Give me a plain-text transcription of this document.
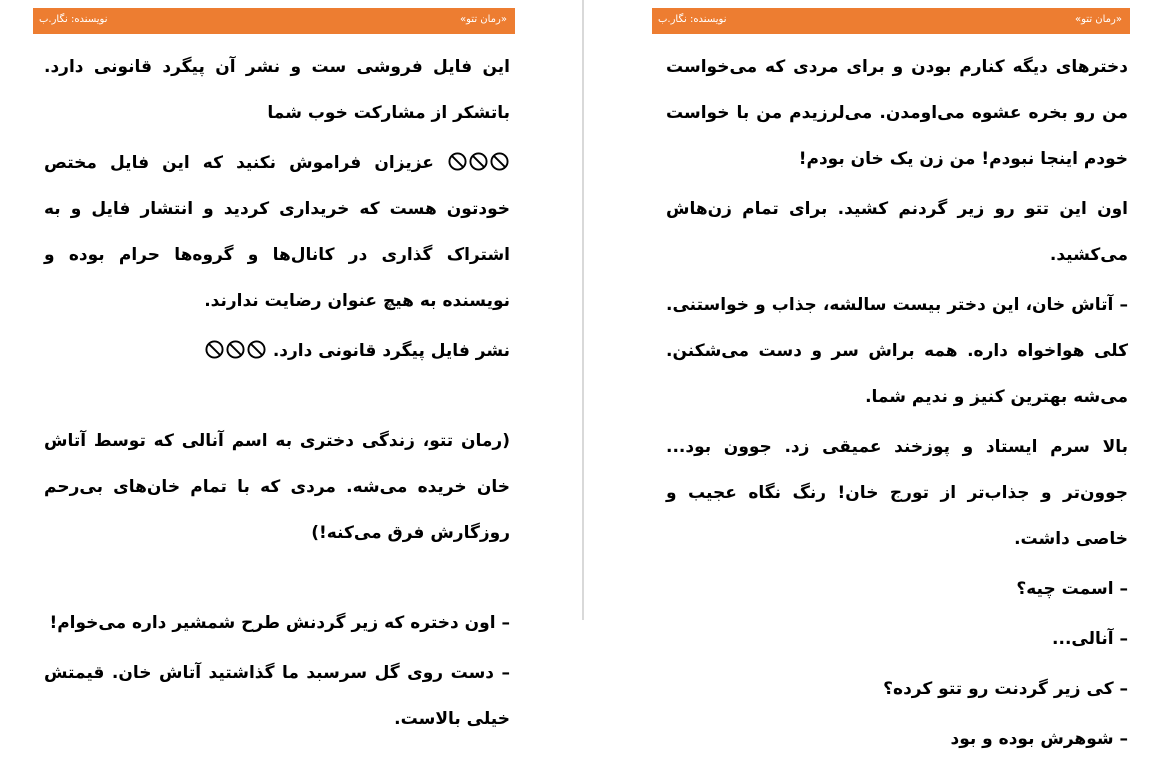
نویسنده: نگار.ب	«رمان تتو»

این فایل فروشی ست و نشر آن پیگرد قانونی دارد. باتشکر از مشارکت خوب شما

عزیزان فراموش نکنید که این فایل مختص خودتون هست که خریداری کردید و انتشار فایل و به اشتراک گذاری در کانال‌ها و گروه‌ها حرام بوده و نویسنده به هیچ عنوان رضایت ندارند.

نشر فایل پیگرد قانونی دارد.

(رمان تتو، زندگی دختری به اسم آنالی که توسط آتاش خان خریده می‌شه. مردی که با تمام خان‌های بی‌رحم روزگارش فرق می‌کنه!)

– اون دختره که زیر گردنش طرح شمشیر داره می‌خوام!

– دست روی گل سرسبد ما گذاشتید آتاش خان. قیمتش خیلی بالاست.

نویسنده: نگار.ب	«رمان تتو»

دخترهای دیگه کنارم بودن و برای مردی که می‌خواست من رو بخره عشوه می‌اومدن. می‌لرزیدم من با خواست خودم اینجا نبودم! من زن یک خان بودم!

اون این تتو رو زیر گردنم کشید. برای تمام زن‌هاش می‌کشید.

– آتاش خان، این دختر بیست سالشه، جذاب و خواستنی. کلی هواخواه داره. همه براش سر و دست می‌شکنن. می‌شه بهترین کنیز و ندیم شما.

بالا سرم ایستاد و پوزخند عمیقی زد. جوون بود... جوون‌تر و جذاب‌تر از تورج خان! رنگ نگاه عجیب و خاصی داشت.

– اسمت چیه؟

– آنالی...

– کی زیر گردنت رو تتو کرده؟

– شوهرش بوده و بود
